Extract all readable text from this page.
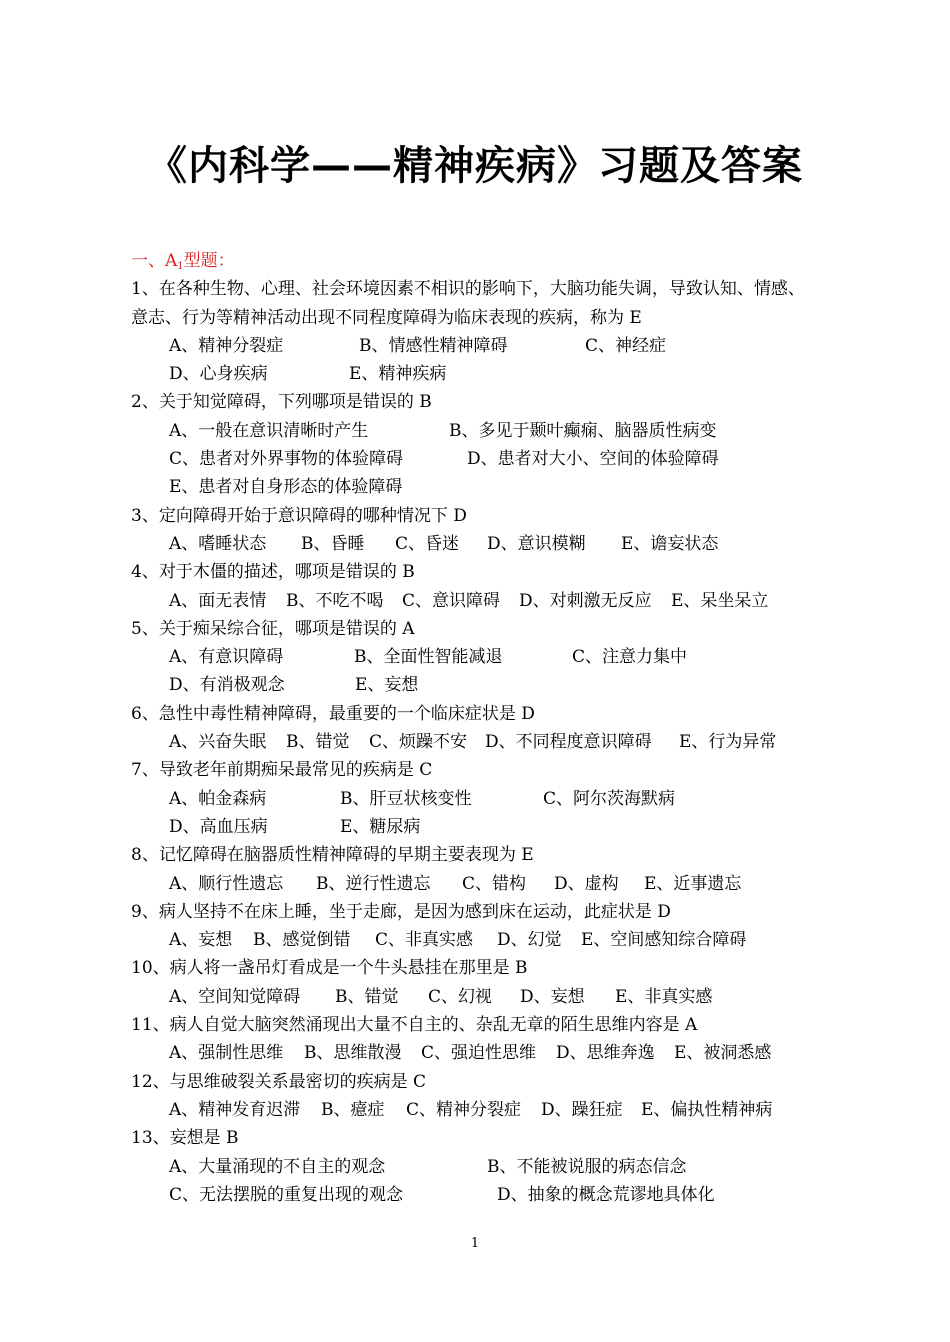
《内科学——精神疾病》习题及答案
一、$A_1$型题：
1、在各种生物、心理、社会环境因素不相识的影响下，大脑功能失调，导致认知、情感、
意志、行为等精神活动出现不同程度障碍为临床表现的疾病，称为 E
A、精神分裂症	B、情感性精神障碍	C、神经症
D、心身疾病	E、精神疾病
2、关于知觉障碍，下列哪项是错误的 B
A、一般在意识清晰时产生	B、多见于颞叶癫痫、脑器质性病变
C、患者对外界事物的体验障碍	D、患者对大小、空间的体验障碍
E、患者对自身形态的体验障碍
3、定向障碍开始于意识障碍的哪种情况下 D
A、嗜睡状态 B、昏睡 C、昏迷 D、意识模糊 E、谵妄状态
4、对于木僵的描述，哪项是错误的 B
A、面无表情 B、不吃不喝 C、意识障碍 D、对刺激无反应 E、呆坐呆立
5、关于痴呆综合征，哪项是错误的 A
A、有意识障碍	B、全面性智能减退	C、注意力集中
D、有消极观念	E、妄想
6、急性中毒性精神障碍，最重要的一个临床症状是 D
A、兴奋失眠 B、错觉 C、烦躁不安 D、不同程度意识障碍 E、行为异常
7、导致老年前期痴呆最常见的疾病是 C
A、帕金森病	B、肝豆状核变性	C、阿尔茨海默病
D、高血压病	E、糖尿病
8、记忆障碍在脑器质性精神障碍的早期主要表现为 E
A、顺行性遗忘 B、逆行性遗忘 C、错构 D、虚构 E、近事遗忘
9、病人坚持不在床上睡，坐于走廊，是因为感到床在运动，此症状是 D
A、妄想 B、感觉倒错 C、非真实感 D、幻觉 E、空间感知综合障碍
10、病人将一盏吊灯看成是一个牛头悬挂在那里是 B
A、空间知觉障碍 B、错觉 C、幻视 D、妄想 E、非真实感
11、病人自觉大脑突然涌现出大量不自主的、杂乱无章的陌生思维内容是 A
A、强制性思维 B、思维散漫 C、强迫性思维 D、思维奔逸 E、被洞悉感
12、与思维破裂关系最密切的疾病是 C
A、精神发育迟滞 B、癔症 C、精神分裂症 D、躁狂症 E、偏执性精神病
13、妄想是 B
A、大量涌现的不自主的观念	B、不能被说服的病态信念
C、无法摆脱的重复出现的观念	D、抽象的概念荒谬地具体化
1
